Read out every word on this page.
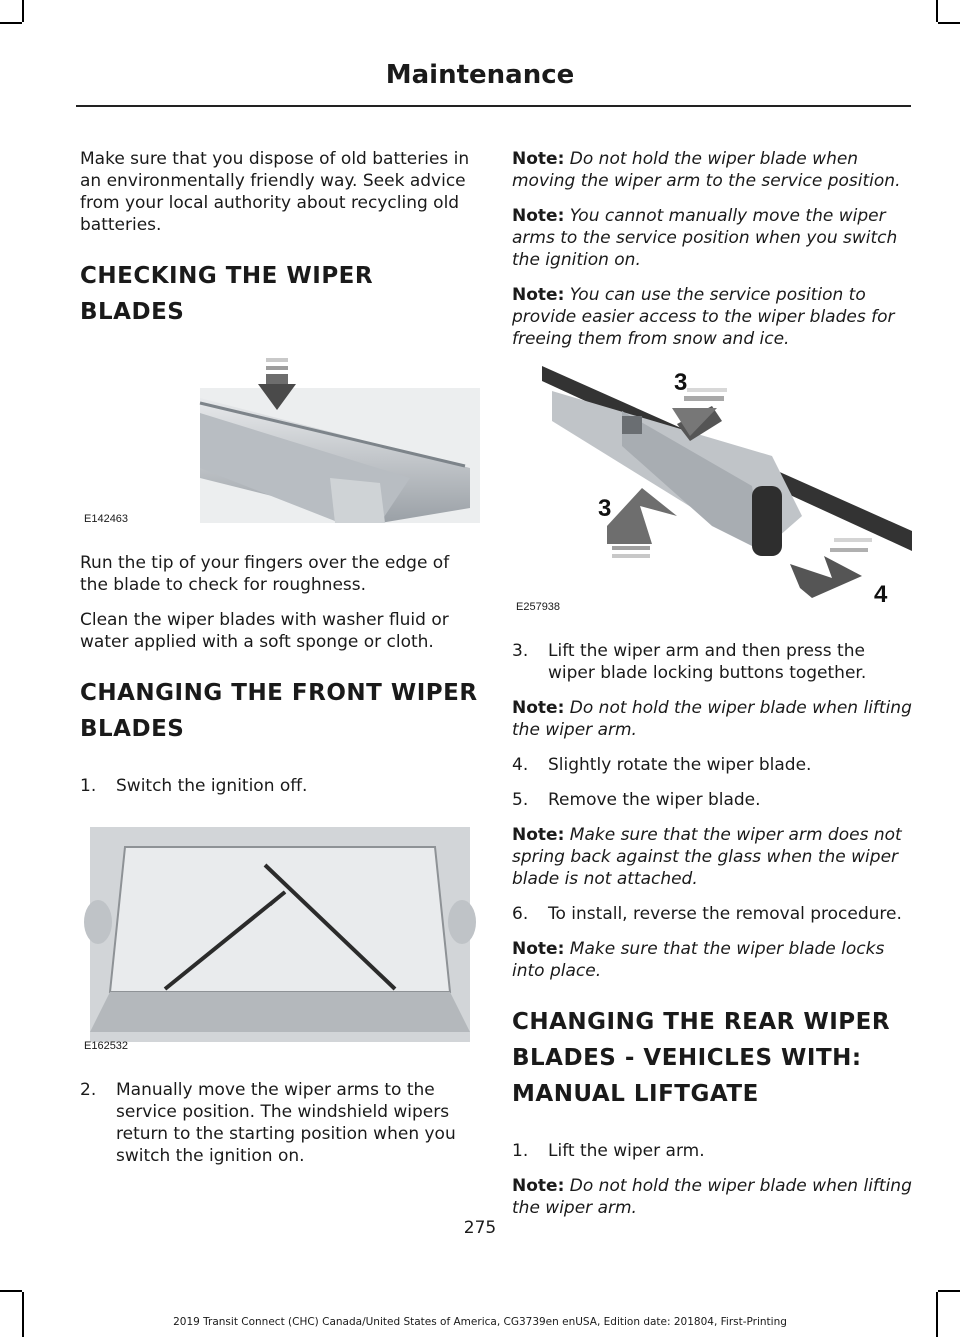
Maintenance

Make sure that you dispose of old batteries in an environmentally friendly way. Seek advice from your local authority about recycling old batteries.

CHECKING THE WIPER
BLADES
E142463

Run the tip of your fingers over the edge of the blade to check for roughness.

Clean the wiper blades with washer fluid or water applied with a soft sponge or cloth.

CHANGING THE FRONT WIPER
BLADES
1. Switch the ignition off.
E162532
2. Manually move the wiper arms to the service position. The windshield wipers return to the starting position when you switch the ignition on.

Note: Do not hold the wiper blade when moving the wiper arm to the service position.

Note: You cannot manually move the wiper arms to the service position when you switch the ignition on.

Note: You can use the service position to provide easier access to the wiper blades for freeing them from snow and ice.

3
3
4
E257938
3. Lift the wiper arm and then press the wiper blade locking buttons together.

Note: Do not hold the wiper blade when lifting the wiper arm.

4. Slightly rotate the wiper blade.
5. Remove the wiper blade.

Note: Make sure that the wiper arm does not spring back against the glass when the wiper blade is not attached.

6. To install, reverse the removal procedure.

Note: Make sure that the wiper blade locks into place.

CHANGING THE REAR WIPER
BLADES - VEHICLES WITH:
MANUAL LIFTGATE
1. Lift the wiper arm.

Note: Do not hold the wiper blade when lifting the wiper arm.

275
2019 Transit Connect (CHC) Canada/United States of America, CG3739en enUSA, Edition date: 201804, First-Printing
